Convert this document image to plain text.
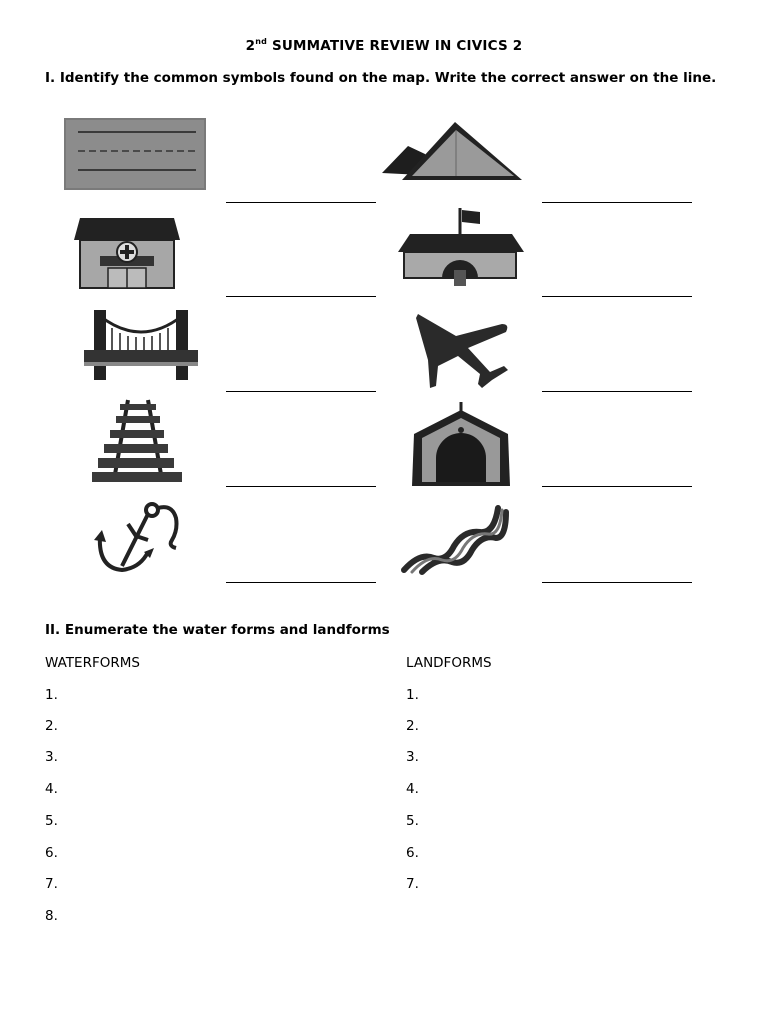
2nd SUMMATIVE REVIEW IN CIVICS 2
I. Identify the common symbols found on the map. Write the correct answer on the line.
II. Enumerate the water forms and landforms
WATERFORMS	LANDFORMS
1.
2.
3.
4.
5.
6.
7.
8.
1.
2.
3.
4.
5.
6.
7.
